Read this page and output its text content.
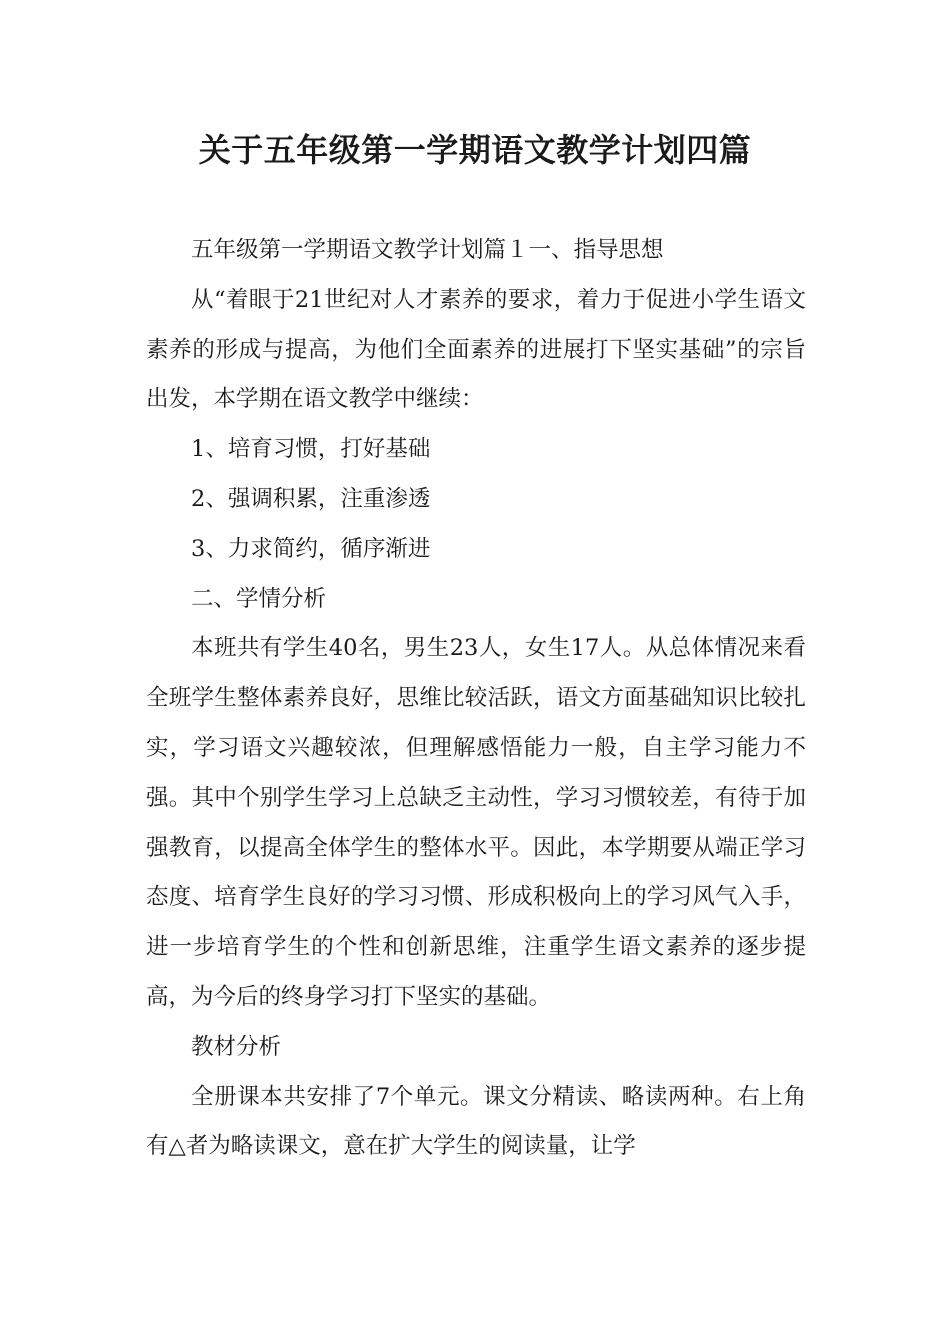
关于五年级第一学期语文教学计划四篇

五年级第一学期语文教学计划篇１一、指导思想

从“着眼于21世纪对人才素养的要求，着力于促进小学生语文素养的形成与提高，为他们全面素养的进展打下坚实基础”的宗旨出发，本学期在语文教学中继续：

1、培育习惯，打好基础

2、强调积累，注重渗透

3、力求简约，循序渐进

二、学情分析

本班共有学生40名，男生23人，女生17人。从总体情况来看全班学生整体素养良好，思维比较活跃，语文方面基础知识比较扎实，学习语文兴趣较浓，但理解感悟能力一般，自主学习能力不强。其中个别学生学习上总缺乏主动性，学习习惯较差，有待于加强教育，以提高全体学生的整体水平。因此，本学期要从端正学习态度、培育学生良好的学习习惯、形成积极向上的学习风气入手，进一步培育学生的个性和创新思维，注重学生语文素养的逐步提高，为今后的终身学习打下坚实的基础。

教材分析

全册课本共安排了7个单元。课文分精读、略读两种。右上角有△者为略读课文，意在扩大学生的阅读量，让学
